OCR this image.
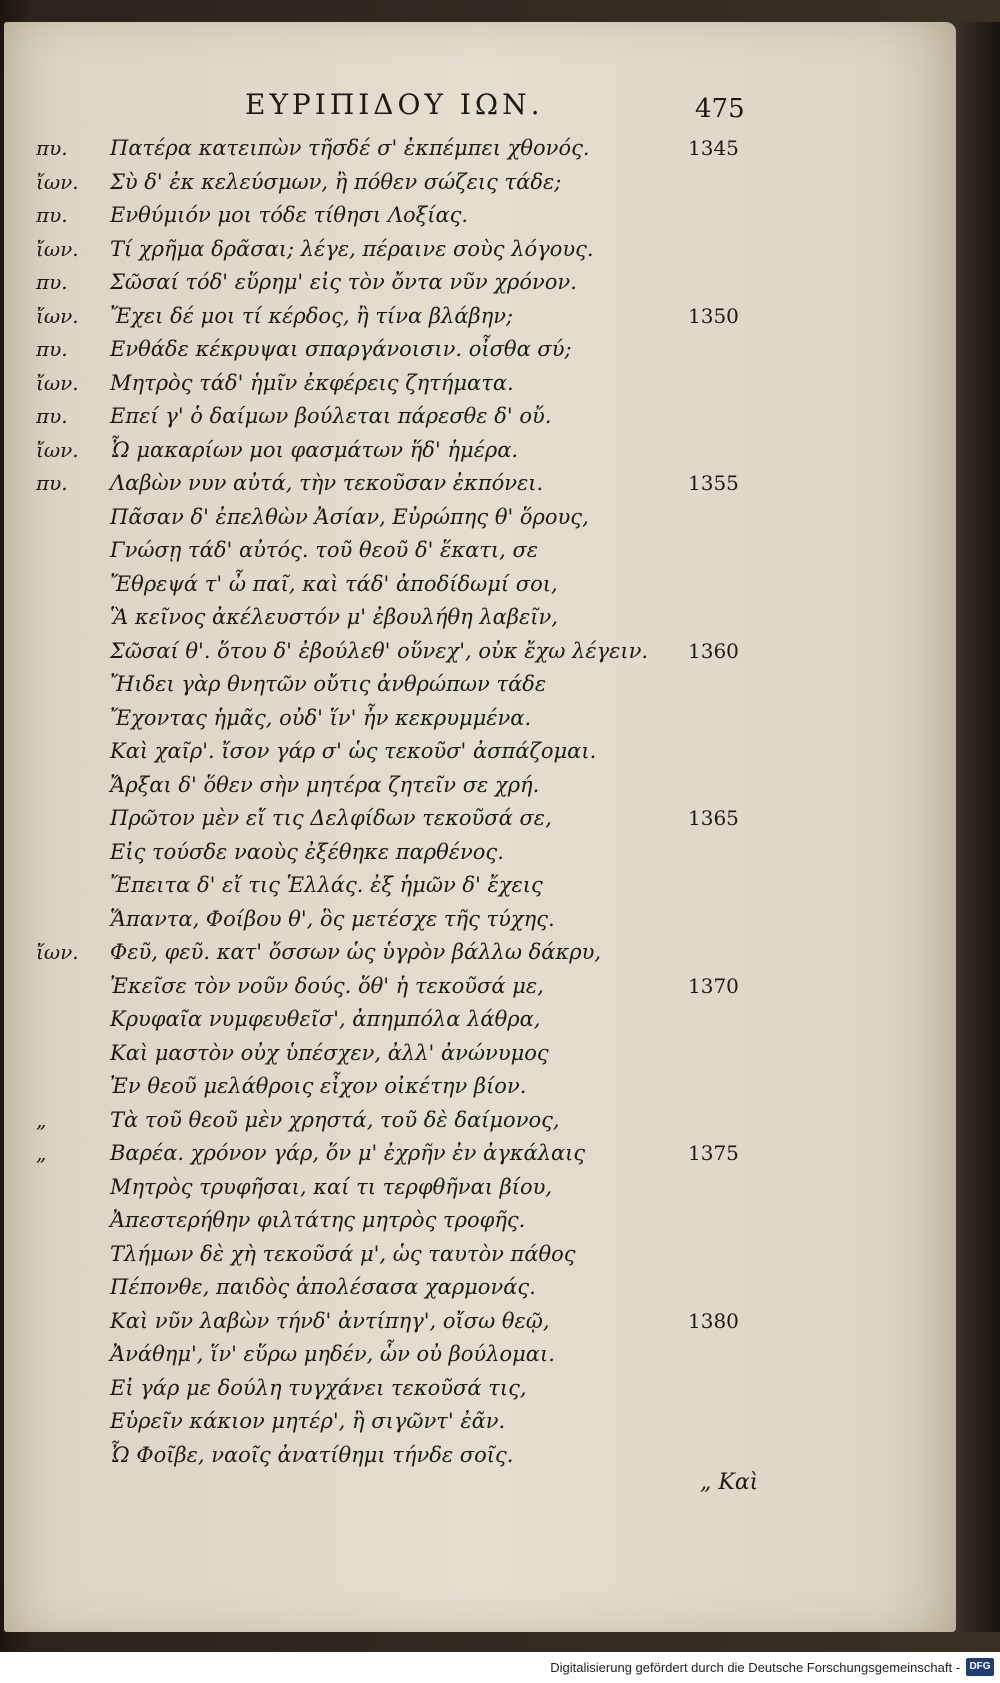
ΕΥΡΙΠΙΔΟΥ ΙΩΝ.	475
πυ.	Πατέρα κατειπὼν τῆσδέ σ' ἐκπέμπει χθονός.	1345
ἴων.	Σὺ δ' ἐκ κελεύσμων, ἢ πόθεν σώζεις τάδε;
πυ.	Ενθύμιόν μοι τόδε τίθησι Λοξίας.
ἴων.	Τί χρῆμα δρᾶσαι; λέγε, πέραινε σοὺς λόγους.
πυ.	Σῶσαί τόδ' εὕρημ' εἰς τὸν ὄντα νῦν χρόνον.
ἴων.	Ἔχει δέ μοι τί κέρδος, ἢ τίνα βλάβην;	1350
πυ.	Ενθάδε κέκρυψαι σπαργάνοισιν. οἶσθα σύ;
ἴων.	Μητρὸς τάδ' ἡμῖν ἐκφέρεις ζητήματα.
πυ.	Επεί γ' ὁ δαίμων βούλεται πάρεσθε δ' οὔ.
ἴων.	Ὦ μακαρίων μοι φασμάτων ἥδ' ἡμέρα.
πυ.	Λαβὼν νυν αὐτά, τὴν τεκοῦσαν ἐκπόνει.	1355
Πᾶσαν δ' ἐπελθὼν Ἀσίαν, Εὐρώπης θ' ὅρους,
Γνώσῃ τάδ' αὐτός. τοῦ θεοῦ δ' ἕκατι, σε
Ἔθρεψά τ' ὦ παῖ, καὶ τάδ' ἀποδίδωμί σοι,
Ἃ κεῖνος ἀκέλευστόν μ' ἐβουλήθη λαβεῖν,
Σῶσαί θ'. ὅτου δ' ἐβούλεθ' οὕνεχ', οὐκ ἔχω λέγειν. 1360
Ἤιδει γὰρ θνητῶν οὔτις ἀνθρώπων τάδε
Ἔχοντας ἡμᾶς, οὐδ' ἵν' ἦν κεκρυμμένα.
Καὶ χαῖρ'. ἴσον γάρ σ' ὡς τεκοῦσ' ἀσπάζομαι.
Ἄρξαι δ' ὅθεν σὴν μητέρα ζητεῖν σε χρή.
Πρῶτον μὲν εἴ τις Δελφίδων τεκοῦσά σε,	1365
Εἰς τούσδε ναοὺς ἐξέθηκε παρθένος.
Ἔπειτα δ' εἴ τις Ἑλλάς. ἐξ ἡμῶν δ' ἔχεις
Ἅπαντα, Φοίβου θ', ὃς μετέσχε τῆς τύχης.
ἴων.	Φεῦ, φεῦ. κατ' ὄσσων ὡς ὑγρὸν βάλλω δάκρυ,
Ἐκεῖσε τὸν νοῦν δούς. ὅθ' ἡ τεκοῦσά με,	1370
Κρυφαῖα νυμφευθεῖσ', ἀπημπόλα λάθρα,
Καὶ μαστὸν οὐχ ὑπέσχεν, ἀλλ' ἀνώνυμος
Ἐν θεοῦ μελάθροις εἶχον οἰκέτην βίον.
„	Τὰ τοῦ θεοῦ μὲν χρηστά, τοῦ δὲ δαίμονος,
„	Βαρέα. χρόνον γάρ, ὅν μ' ἐχρῆν ἐν ἀγκάλαις	1375
Μητρὸς τρυφῆσαι, καί τι τερφθῆναι βίου,
Ἀπεστερήθην φιλτάτης μητρὸς τροφῆς.
Τλήμων δὲ χὴ τεκοῦσά μ', ὡς ταυτὸν πάθος
Πέπονθε, παιδὸς ἀπολέσασα χαρμονάς.
Καὶ νῦν λαβὼν τήνδ' ἀντίπηγ', οἴσω θεῷ,	1380
Ἀνάθημ', ἵν' εὕρω μηδέν, ὧν οὐ βούλομαι.
Εἰ γάρ με δούλη τυγχάνει τεκοῦσά τις,
Εὑρεῖν κάκιον μητέρ', ἢ σιγῶντ' ἐᾶν.
Ὦ Φοῖβε, ναοῖς ἀνατίθημι τήνδε σοῖς.
„ Καὶ
Digitalisierung gefördert durch die Deutsche Forschungsgemeinschaft - DFG
